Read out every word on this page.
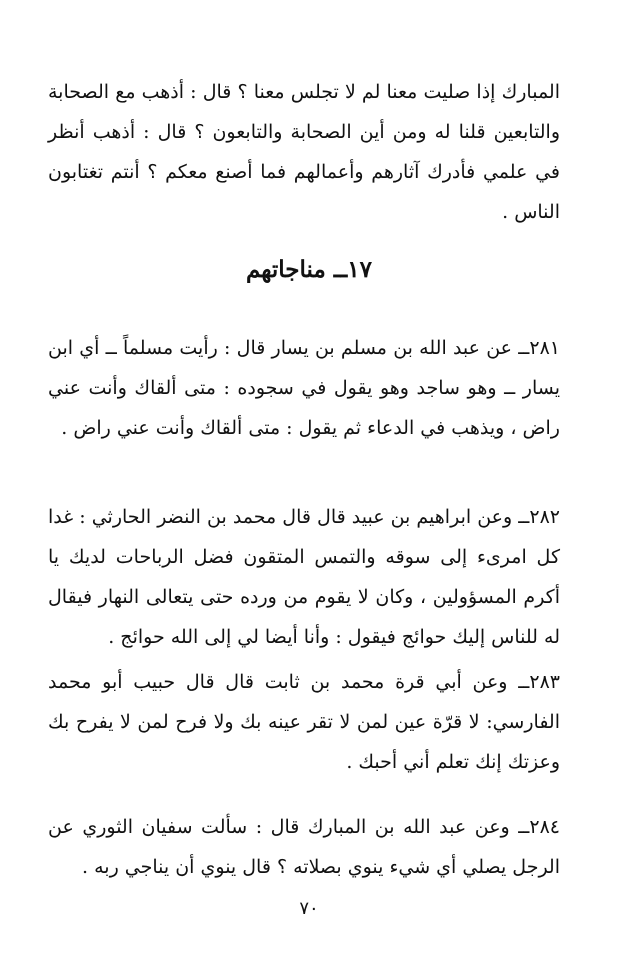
المبارك إذا صليت معنا لم لا تجلس معنا ؟ قال : أذهب مع الصحابة والتابعين قلنا له ومن أين الصحابة والتابعون ؟ قال : أذهب أنظر في علمي فأدرك آثارهم وأعمالهم فما أصنع معكم ؟ أنتم تغتابون الناس .

١٧ــ مناجاتهم

٢٨١ــ عن عبد الله بن مسلم بن يسار قال : رأيت مسلماً ــ أي ابن يسار ــ وهو ساجد وهو يقول في سجوده : متى ألقاك وأنت عني راض ، ويذهب في الدعاء ثم يقول : متى ألقاك وأنت عني راض .

٢٨٢ــ وعن ابراهيم بن عبيد قال قال محمد بن النضر الحارثي : غدا كل امرىء إلى سوقه والتمس المتقون فضل الرباحات لديك يا أكرم المسؤولين ، وكان لا يقوم من ورده حتى يتعالى النهار فيقال له للناس إليك حوائج فيقول : وأنا أيضا لي إلى الله حوائج .

٢٨٣ــ وعن أبي قرة محمد بن ثابت قال قال حبيب أبو محمد الفارسي: لا قرّة عين لمن لا تقر عينه بك ولا فرح لمن لا يفرح بك وعزتك إنك تعلم أني أحبك .

٢٨٤ــ وعن عبد الله بن المبارك قال : سألت سفيان الثوري عن الرجل يصلي أي شيء ينوي بصلاته ؟ قال ينوي أن يناجي ربه .

٧٠
